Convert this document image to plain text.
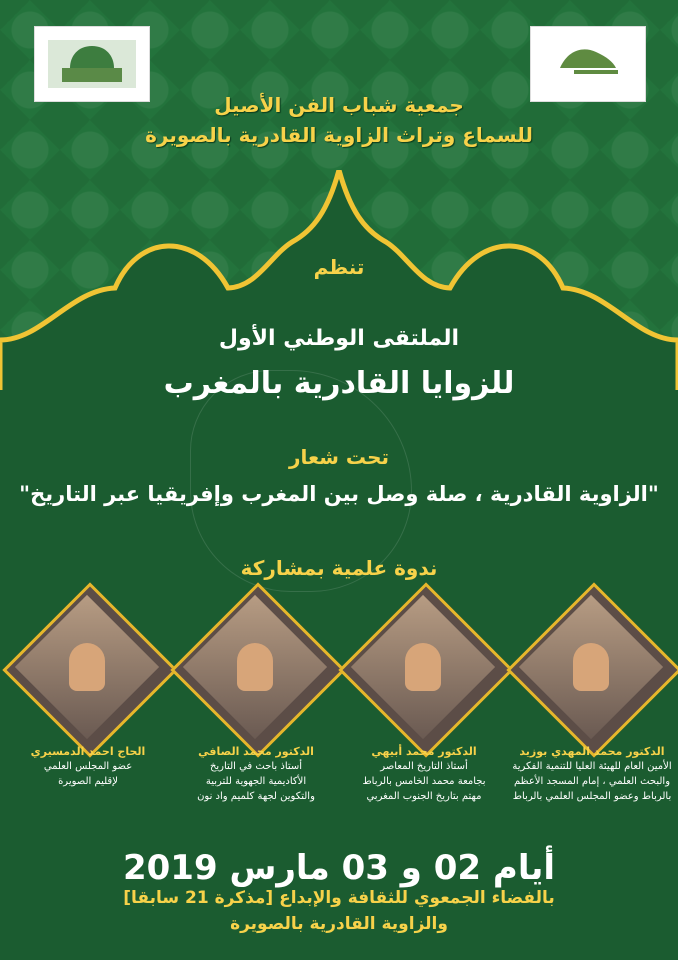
جمعية شباب الفن الأصيل
للسماع وتراث الزاوية القادرية بالصويرة
تنظم
الملتقى الوطني الأول
للزوايا القادرية بالمغرب
تحت شعار
"الزاوية القادرية ، صلة وصل بين المغرب وإفريقيا عبر التاريخ"
ندوة علمية بمشاركة
الحاج احمد الدمسيري
عضو المجلس العلمي
لإقليم الصويرة
الدكتور محمد الصافي
أستاذ باحث في التاريخ
الأكاديمية الجهوية للتربية
والتكوين لجهة كلميم واد نون
الدكتور محمد أبيهي
أستاذ التاريخ المعاصر
بجامعة محمد الخامس بالرباط
مهتم بتاريخ الجنوب المغربي
الدكتور محمد المهدي بوزيد
الأمين العام للهيئة العليا للتنمية الفكرية
والبحث العلمي ، إمام المسجد الأعظم
بالرباط وعضو المجلس العلمي بالرباط
أيام 02 و 03 مارس 2019
بالفضاء الجمعوي للثقافة والإبداع [مذكرة 21 سابقا]
والزاوية القادرية بالصويرة
